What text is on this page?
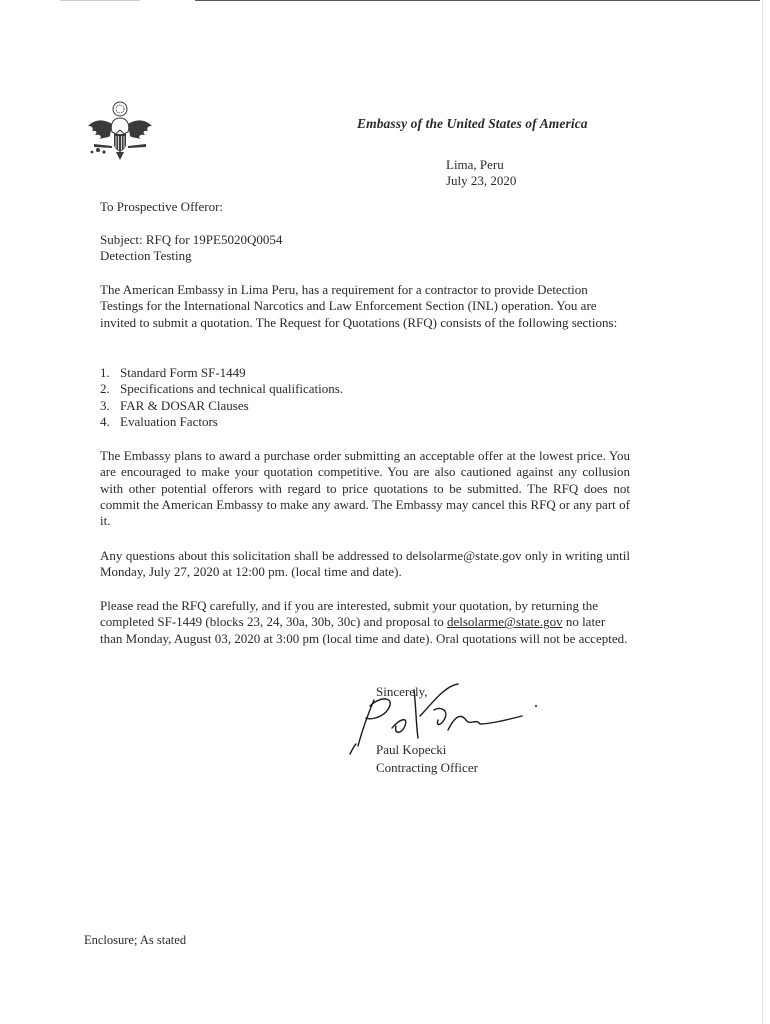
Embassy of the United States of America
Lima, Peru
July 23, 2020
To Prospective Offeror:
Subject: RFQ for 19PE5020Q0054
Detection Testing

The American Embassy in Lima Peru, has a requirement for a contractor to provide Detection Testings for the International Narcotics and Law Enforcement Section (INL) operation. You are invited to submit a quotation. The Request for Quotations (RFQ) consists of the following sections:

1. Standard Form SF-1449
2. Specifications and technical qualifications.
3. FAR & DOSAR Clauses
4. Evaluation Factors

The Embassy plans to award a purchase order submitting an acceptable offer at the lowest price. You are encouraged to make your quotation competitive. You are also cautioned against any collusion with other potential offerors with regard to price quotations to be submitted. The RFQ does not commit the American Embassy to make any award. The Embassy may cancel this RFQ or any part of it.

Any questions about this solicitation shall be addressed to delsolarme@state.gov only in writing until Monday, July 27, 2020 at 12:00 pm. (local time and date).

Please read the RFQ carefully, and if you are interested, submit your quotation, by returning the completed SF-1449 (blocks 23, 24, 30a, 30b, 30c) and proposal to delsolarme@state.gov no later than Monday, August 03, 2020 at 3:00 pm (local time and date). Oral quotations will not be accepted.

Sincerely,
Paul Kopecki
Contracting Officer
Enclosure; As stated
